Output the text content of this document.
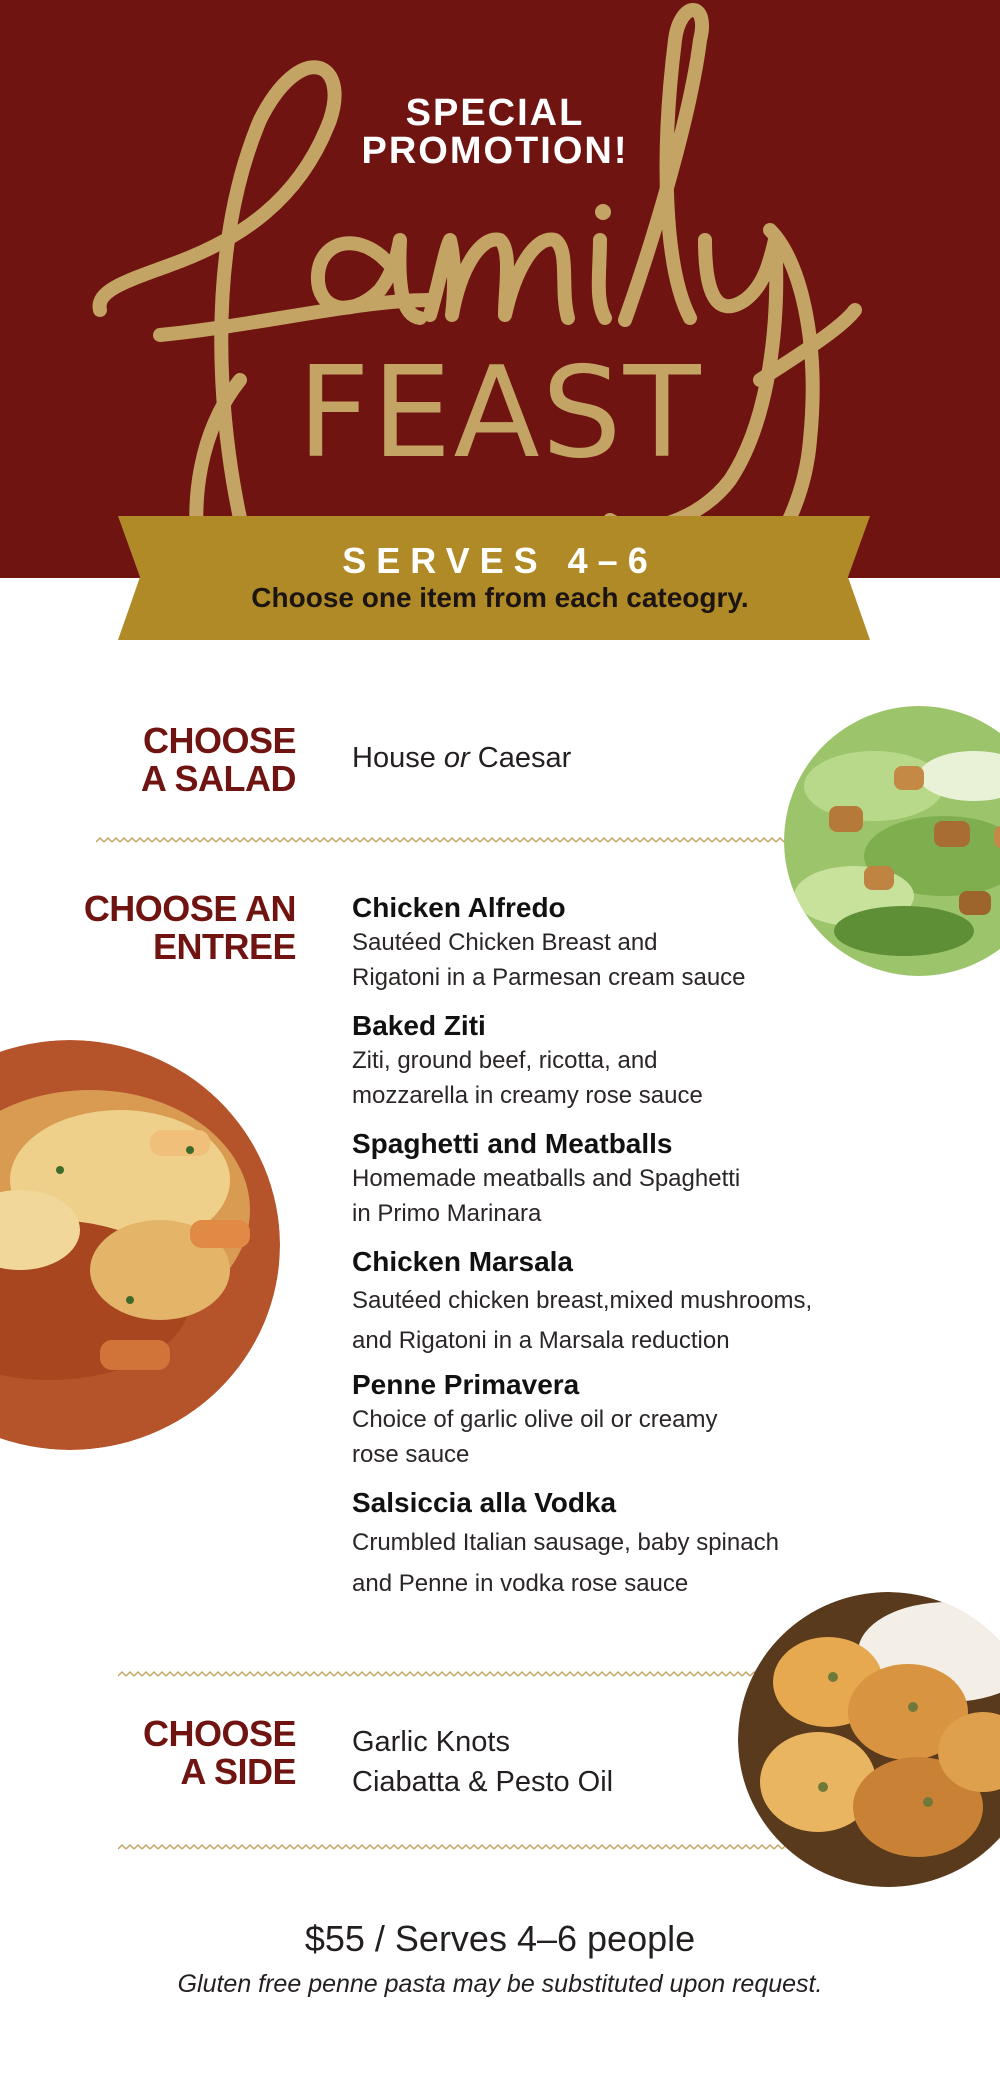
SPECIAL
PROMOTION!
FEAST
SERVES 4–6
Choose one item from each cateogry.
CHOOSE
A SALAD House or Caesar
CHOOSE AN
ENTREE
Chicken Alfredo
Sautéed Chicken Breast and
Rigatoni in a Parmesan cream sauce
Baked Ziti
Ziti, ground beef, ricotta, and
mozzarella in creamy rose sauce
Spaghetti and Meatballs
Homemade meatballs and Spaghetti
in Primo Marinara
Chicken Marsala
Sautéed chicken breast,mixed mushrooms,
and Rigatoni in a Marsala reduction
Penne Primavera
Choice of garlic olive oil or creamy
rose sauce
Salsiccia alla Vodka
Crumbled Italian sausage, baby spinach
and Penne in vodka rose sauce
CHOOSE
A SIDE
Garlic Knots
Ciabatta & Pesto Oil
$55 / Serves 4–6 people
Gluten free penne pasta may be substituted upon request.
